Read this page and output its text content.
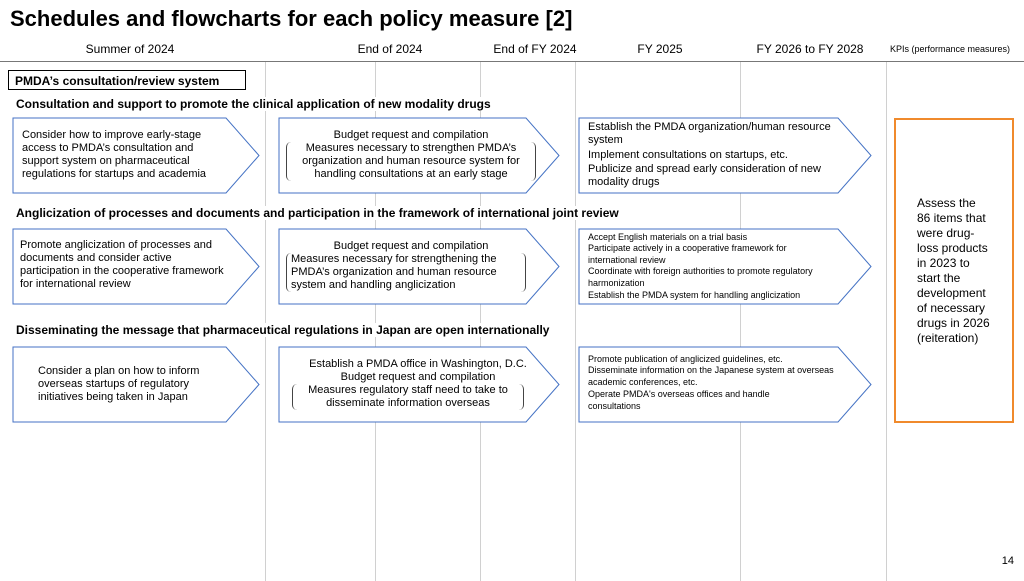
Schedules and flowcharts for each policy measure [2]
Summer of 2024	End of 2024	End of FY 2024	FY 2025	FY 2026 to FY 2028	KPIs (performance measures)
PMDA’s consultation/review system
Consultation and support to promote the clinical application of new modality drugs
Consider how to improve early-stage access to PMDA’s consultation and support system on pharmaceutical regulations for startups and academia
Budget request and compilation
Measures necessary to strengthen PMDA’s organization and human resource system for handling consultations at an early stage
Establish the PMDA organization/human resource system
Implement consultations on startups, etc.
Publicize and spread early consideration of new modality drugs
Anglicization of processes and documents and participation in the framework of international joint review
Promote anglicization of processes and documents and consider active participation in the cooperative framework for international review
Budget request and compilation
Measures necessary for strengthening the PMDA’s organization and human resource system and handling anglicization
Accept English materials on a trial basis
Participate actively in a cooperative framework for international review
Coordinate with foreign authorities to promote regulatory harmonization
Establish the PMDA system for handling anglicization
Disseminating the message that pharmaceutical regulations in Japan are open internationally
Consider a plan on how to inform overseas startups of regulatory initiatives being taken in Japan
Establish a PMDA office in Washington, D.C.
Budget request and compilation
Measures regulatory staff need to take to disseminate information overseas
Promote publication of anglicized guidelines, etc.
Disseminate information on the Japanese system at overseas academic conferences, etc.
Operate PMDA's overseas offices and handle consultations
Assess the 86 items that were drug-loss products in 2023 to start the development of necessary drugs in 2026 (reiteration)
14
